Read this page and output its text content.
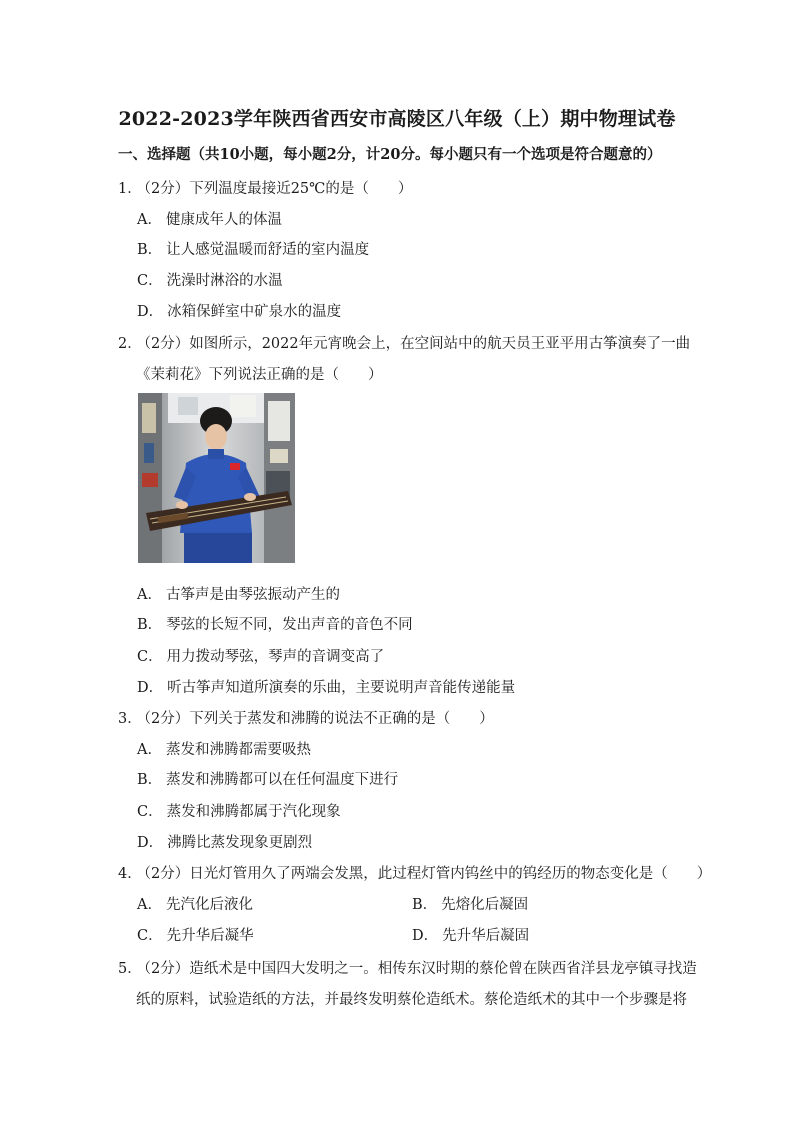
2022-2023学年陕西省西安市高陵区八年级（上）期中物理试卷
一、选择题（共10小题，每小题2分，计20分。每小题只有一个选项是符合题意的）
1． （2分）下列温度最接近25℃的是（　　）
A． 健康成年人的体温
B． 让人感觉温暖而舒适的室内温度
C． 洗澡时淋浴的水温
D． 冰箱保鲜室中矿泉水的温度
2． （2分）如图所示，2022年元宵晚会上，在空间站中的航天员王亚平用古筝演奏了一曲
《茉莉花》下列说法正确的是（　　）
A． 古筝声是由琴弦振动产生的
B． 琴弦的长短不同，发出声音的音色不同
C． 用力拨动琴弦，琴声的音调变高了
D． 听古筝声知道所演奏的乐曲，主要说明声音能传递能量
3． （2分）下列关于蒸发和沸腾的说法不正确的是（　　）
A． 蒸发和沸腾都需要吸热
B． 蒸发和沸腾都可以在任何温度下进行
C． 蒸发和沸腾都属于汽化现象
D． 沸腾比蒸发现象更剧烈
4． （2分）日光灯管用久了两端会发黑，此过程灯管内钨丝中的钨经历的物态变化是（　　）
A． 先汽化后液化	B． 先熔化后凝固
C． 先升华后凝华	D． 先升华后凝固
5． （2分）造纸术是中国四大发明之一。相传东汉时期的蔡伦曾在陕西省洋县龙亭镇寻找造
纸的原料，试验造纸的方法，并最终发明蔡伦造纸术。蔡伦造纸术的其中一个步骤是将
